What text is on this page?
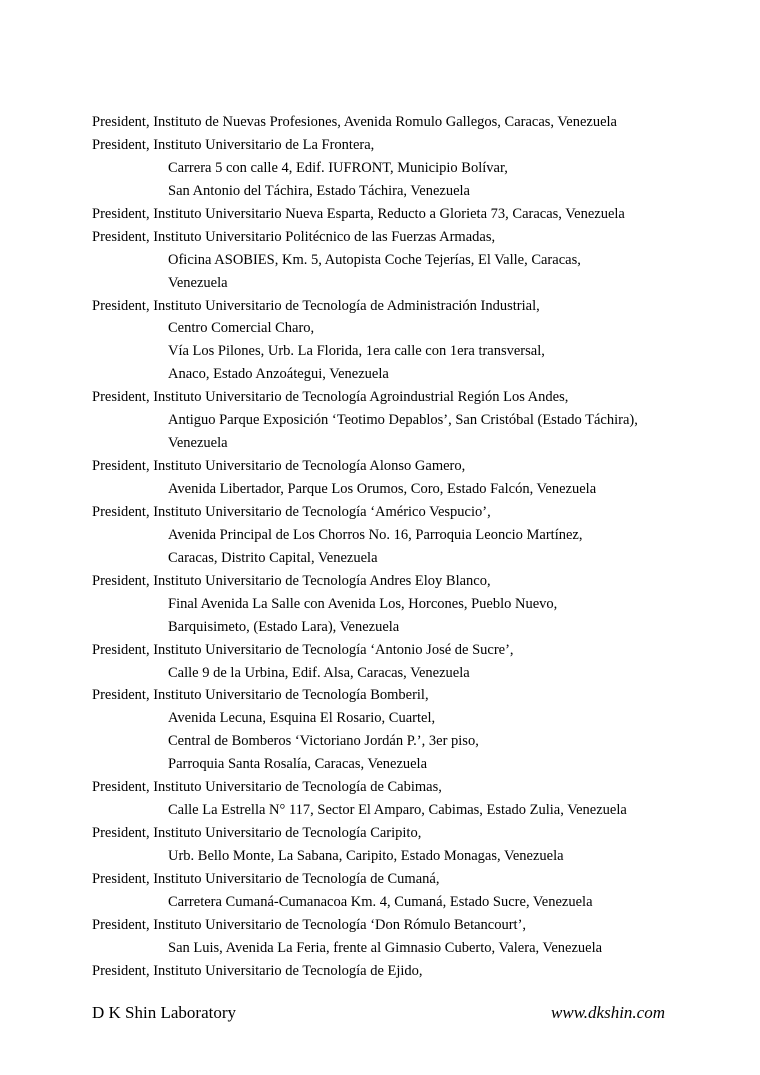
President, Instituto de Nuevas Profesiones, Avenida Romulo Gallegos, Caracas, Venezuela
President, Instituto Universitario de La Frontera,
Carrera 5 con calle 4, Edif. IUFRONT, Municipio Bolívar,
San Antonio del Táchira, Estado Táchira, Venezuela
President, Instituto Universitario Nueva Esparta, Reducto a Glorieta 73, Caracas, Venezuela
President, Instituto Universitario Politécnico de las Fuerzas Armadas,
Oficina ASOBIES, Km. 5, Autopista Coche Tejerías, El Valle, Caracas,
Venezuela
President, Instituto Universitario de Tecnología de Administración Industrial,
Centro Comercial Charo,
Vía Los Pilones, Urb. La Florida, 1era calle con 1era transversal,
Anaco, Estado Anzoátegui, Venezuela
President, Instituto Universitario de Tecnología Agroindustrial Región Los Andes,
Antiguo Parque Exposición ‘Teotimo Depablos’, San Cristóbal (Estado Táchira),
Venezuela
President, Instituto Universitario de Tecnología Alonso Gamero,
Avenida Libertador, Parque Los Orumos, Coro, Estado Falcón, Venezuela
President, Instituto Universitario de Tecnología ‘Américo Vespucio’,
Avenida Principal de Los Chorros No. 16, Parroquia Leoncio Martínez,
Caracas, Distrito Capital, Venezuela
President, Instituto Universitario de Tecnología Andres Eloy Blanco,
Final Avenida La Salle con Avenida Los, Horcones, Pueblo Nuevo,
Barquisimeto, (Estado Lara), Venezuela
President, Instituto Universitario de Tecnología ‘Antonio José de Sucre’,
Calle 9 de la Urbina, Edif. Alsa, Caracas, Venezuela
President, Instituto Universitario de Tecnología Bomberil,
Avenida Lecuna, Esquina El Rosario, Cuartel,
Central de Bomberos ‘Victoriano Jordán P.’, 3er piso,
Parroquia Santa Rosalía, Caracas, Venezuela
President, Instituto Universitario de Tecnología de Cabimas,
Calle La Estrella N° 117, Sector El Amparo, Cabimas, Estado Zulia, Venezuela
President, Instituto Universitario de Tecnología Caripito,
Urb. Bello Monte, La Sabana, Caripito, Estado Monagas, Venezuela
President, Instituto Universitario de Tecnología de Cumaná,
Carretera Cumaná-Cumanacoa Km. 4, Cumaná, Estado Sucre, Venezuela
President, Instituto Universitario de Tecnología ‘Don Rómulo Betancourt’,
San Luis, Avenida La Feria, frente al Gimnasio Cuberto, Valera, Venezuela
President, Instituto Universitario de Tecnología de Ejido,
D K Shin Laboratory	www.dkshin.com
